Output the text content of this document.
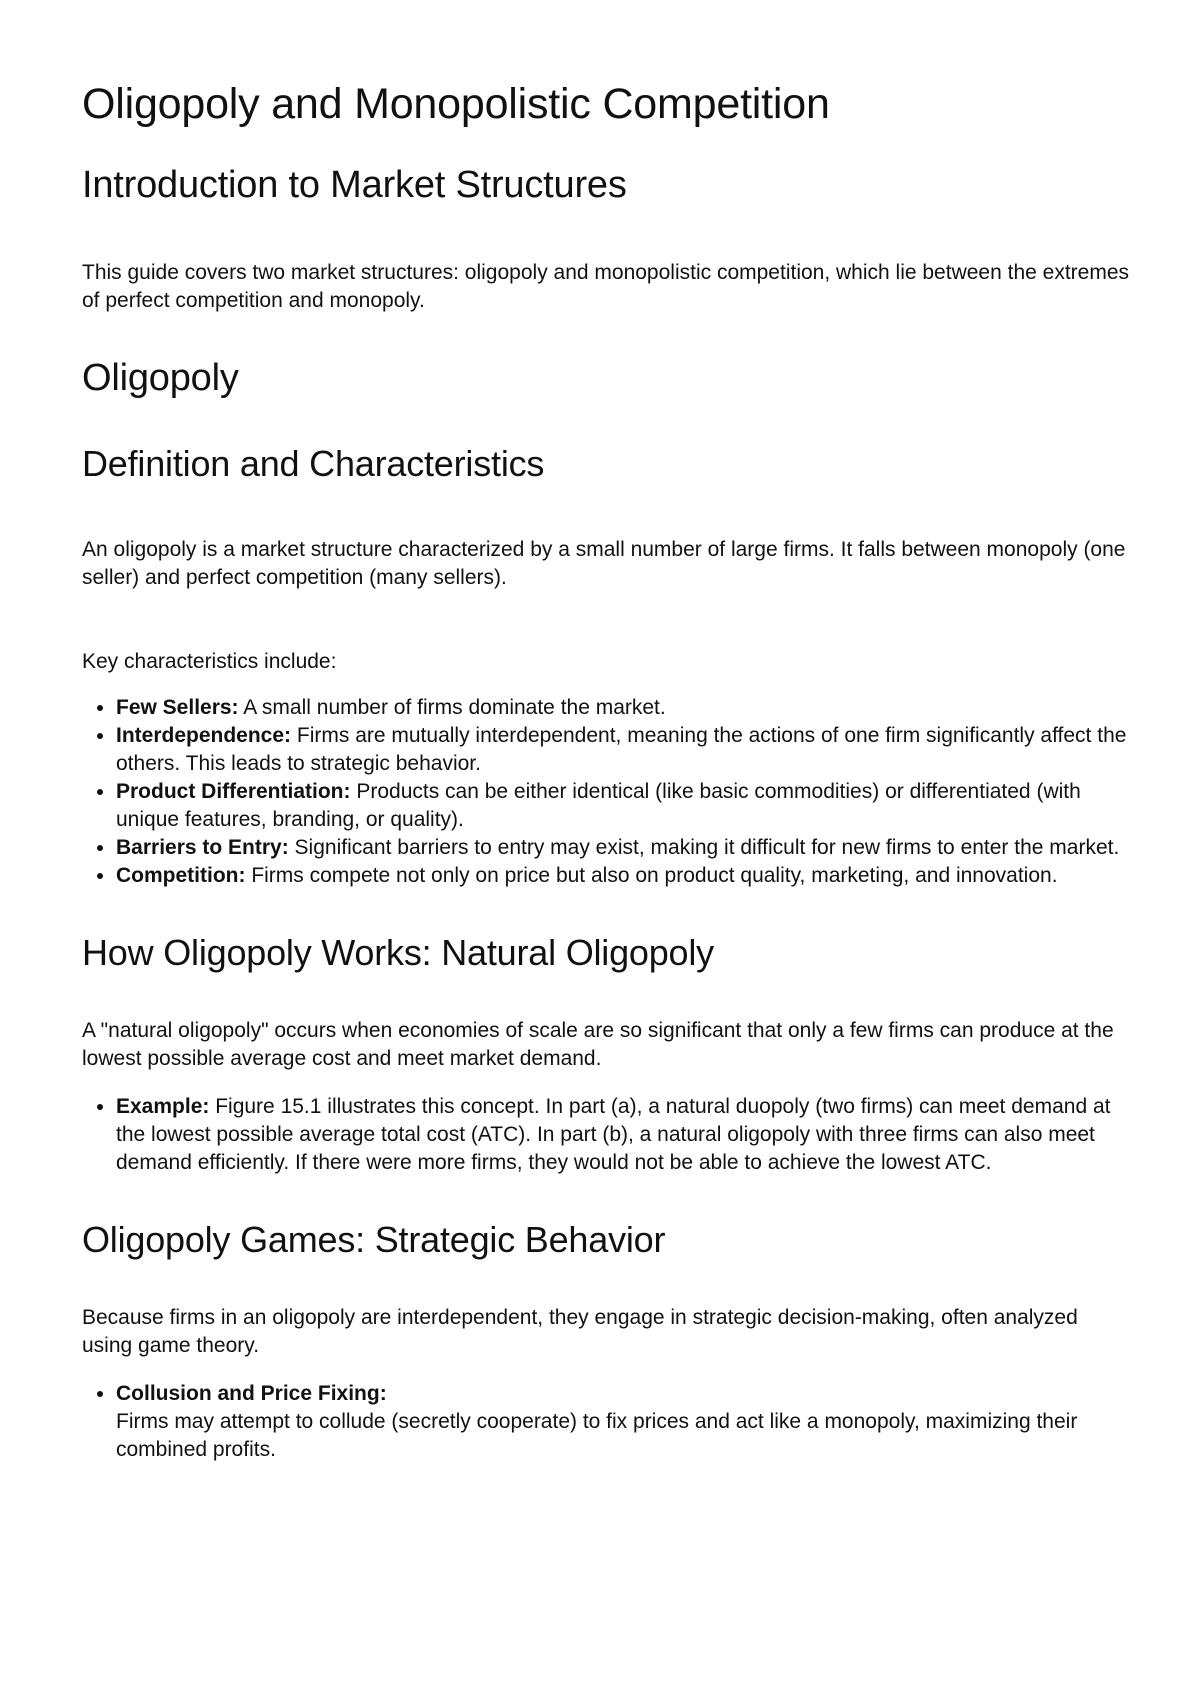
Oligopoly and Monopolistic Competition
Introduction to Market Structures

This guide covers two market structures: oligopoly and monopolistic competition, which lie between the extremes of perfect competition and monopoly.

Oligopoly
Definition and Characteristics

An oligopoly is a market structure characterized by a small number of large firms. It falls between monopoly (one seller) and perfect competition (many sellers).

Key characteristics include:

• Few Sellers: A small number of firms dominate the market.
• Interdependence: Firms are mutually interdependent, meaning the actions of one firm significantly affect the others. This leads to strategic behavior.
• Product Differentiation: Products can be either identical (like basic commodities) or differentiated (with unique features, branding, or quality).
• Barriers to Entry: Significant barriers to entry may exist, making it difficult for new firms to enter the market.
• Competition: Firms compete not only on price but also on product quality, marketing, and innovation.
How Oligopoly Works: Natural Oligopoly

A "natural oligopoly" occurs when economies of scale are so significant that only a few firms can produce at the lowest possible average cost and meet market demand.

• Example: Figure 15.1 illustrates this concept. In part (a), a natural duopoly (two firms) can meet demand at the lowest possible average total cost (ATC). In part (b), a natural oligopoly with three firms can also meet demand efficiently. If there were more firms, they would not be able to achieve the lowest ATC.
Oligopoly Games: Strategic Behavior

Because firms in an oligopoly are interdependent, they engage in strategic decision-making, often analyzed using game theory.

• Collusion and Price Fixing:
Firms may attempt to collude (secretly cooperate) to fix prices and act like a monopoly, maximizing their combined profits.
